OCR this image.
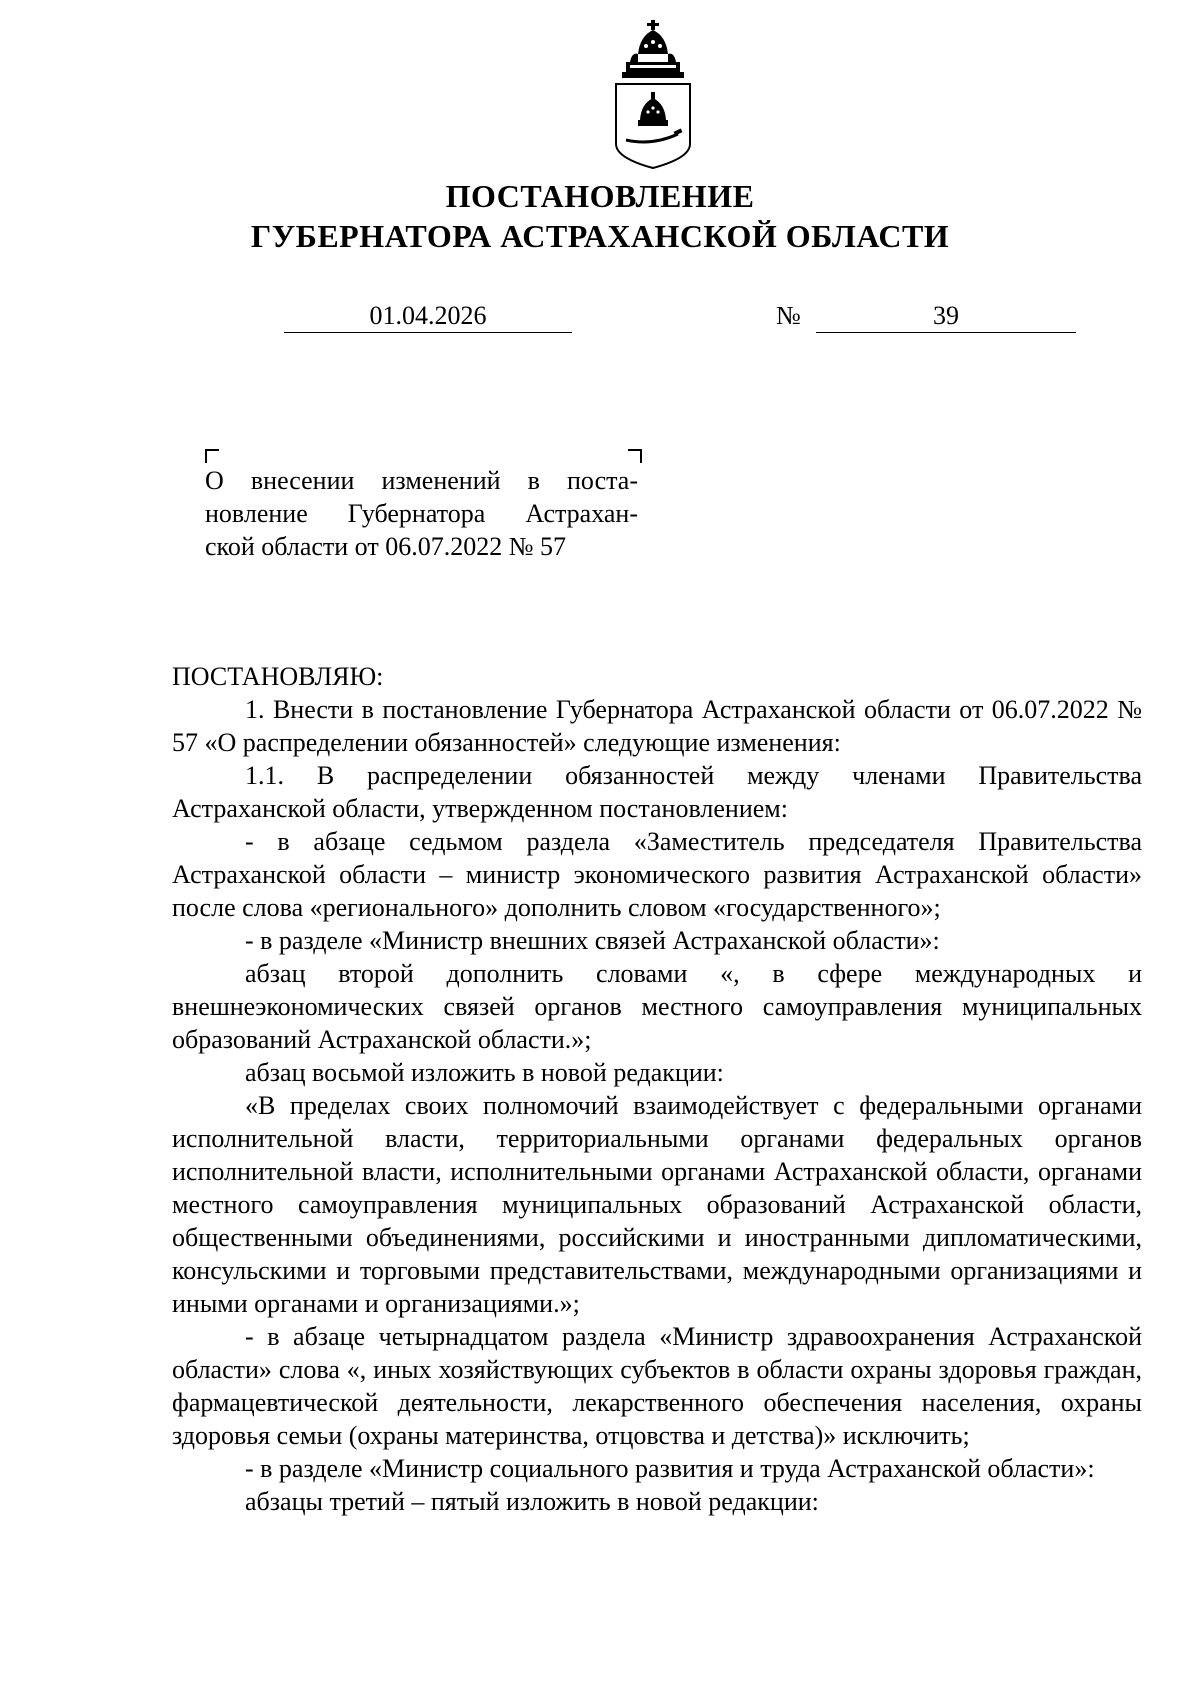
ПОСТАНОВЛЕНИЕ
ГУБЕРНАТОРА АСТРАХАНСКОЙ ОБЛАСТИ
01.04.2026	№	39
О внесении изменений в поста-
новление Губернатора Астрахан-
ской области от 06.07.2022 № 57

ПОСТАНОВЛЯЮ:

1. Внести в постановление Губернатора Астраханской области от 06.07.2022 № 57 «О распределении обязанностей» следующие изменения:

1.1. В распределении обязанностей между членами Правительства Астраханской области, утвержденном постановлением:

- в абзаце седьмом раздела «Заместитель председателя Правительства Астраханской области – министр экономического развития Астраханской области» после слова «регионального» дополнить словом «государственного»;

- в разделе «Министр внешних связей Астраханской области»:

абзац второй дополнить словами «, в сфере международных и внешнеэкономических связей органов местного самоуправления муниципальных образований Астраханской области.»;

абзац восьмой изложить в новой редакции:

«В пределах своих полномочий взаимодействует с федеральными органами исполнительной власти, территориальными органами федеральных органов исполнительной власти, исполнительными органами Астраханской области, органами местного самоуправления муниципальных образований Астраханской области, общественными объединениями, российскими и иностранными дипломатическими, консульскими и торговыми представительствами, международными организациями и иными органами и организациями.»;

- в абзаце четырнадцатом раздела «Министр здравоохранения Астраханской области» слова «, иных хозяйствующих субъектов в области охраны здоровья граждан, фармацевтической деятельности, лекарственного обеспечения населения, охраны здоровья семьи (охраны материнства, отцовства и детства)» исключить;

- в разделе «Министр социального развития и труда Астраханской области»:

абзацы третий – пятый изложить в новой редакции:
